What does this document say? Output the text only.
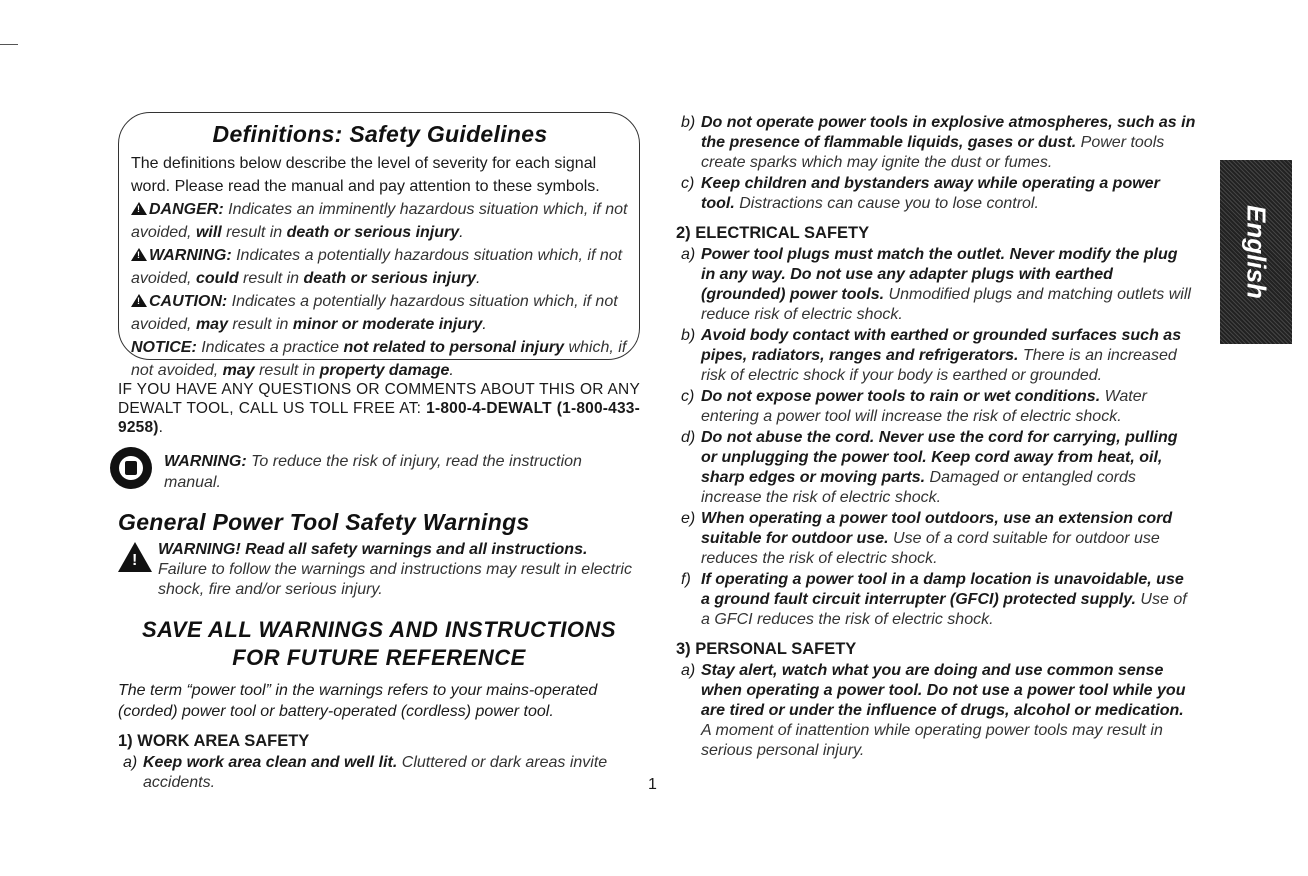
Definitions: Safety Guidelines
The definitions below describe the level of severity for each signal word. Please read the manual and pay attention to these symbols.
!DANGER: Indicates an imminently hazardous situation which, if not avoided, will result in death or serious injury.
!WARNING: Indicates a potentially hazardous situation which, if not avoided, could result in death or serious injury.
!CAUTION: Indicates a potentially hazardous situation which, if not avoided, may result in minor or moderate injury.
NOTICE: Indicates a practice not related to personal injury which, if not avoided, may result in property damage.
IF YOU HAVE ANY QUESTIONS OR COMMENTS ABOUT THIS OR ANY DEWALT TOOL, CALL US TOLL FREE AT: 1-800-4-DEWALT (1-800-433-9258).
WARNING: To reduce the risk of injury, read the instruction manual.
General Power Tool Safety Warnings
!
WARNING! Read all safety warnings and all instructions. Failure to follow the warnings and instructions may result in electric shock, fire and/or serious injury.
SAVE ALL WARNINGS AND INSTRUCTIONS
FOR FUTURE REFERENCE
The term “power tool” in the warnings refers to your mains-operated (corded) power tool or battery-operated (cordless) power tool.
1) WORK AREA SAFETY
a) Keep work area clean and well lit. Cluttered or dark areas invite accidents.
b) Do not operate power tools in explosive atmospheres, such as in the presence of flammable liquids, gases or dust. Power tools create sparks which may ignite the dust or fumes.
c) Keep children and bystanders away while operating a power tool. Distractions can cause you to lose control.
2) ELECTRICAL SAFETY
a) Power tool plugs must match the outlet. Never modify the plug in any way. Do not use any adapter plugs with earthed (grounded) power tools. Unmodified plugs and matching outlets will reduce risk of electric shock.
b) Avoid body contact with earthed or grounded surfaces such as pipes, radiators, ranges and refrigerators. There is an increased risk of electric shock if your body is earthed or grounded.
c) Do not expose power tools to rain or wet conditions. Water entering a power tool will increase the risk of electric shock.
d) Do not abuse the cord. Never use the cord for carrying, pulling or unplugging the power tool. Keep cord away from heat, oil, sharp edges or moving parts. Damaged or entangled cords increase the risk of electric shock.
e) When operating a power tool outdoors, use an extension cord suitable for outdoor use. Use of a cord suitable for outdoor use reduces the risk of electric shock.
f) If operating a power tool in a damp location is unavoidable, use a ground fault circuit interrupter (GFCI) protected supply. Use of a GFCI reduces the risk of electric shock.
3) PERSONAL SAFETY
a) Stay alert, watch what you are doing and use common sense when operating a power tool. Do not use a power tool while you are tired or under the influence of drugs, alcohol or medication. A moment of inattention while operating power tools may result in serious personal injury.
1
English
